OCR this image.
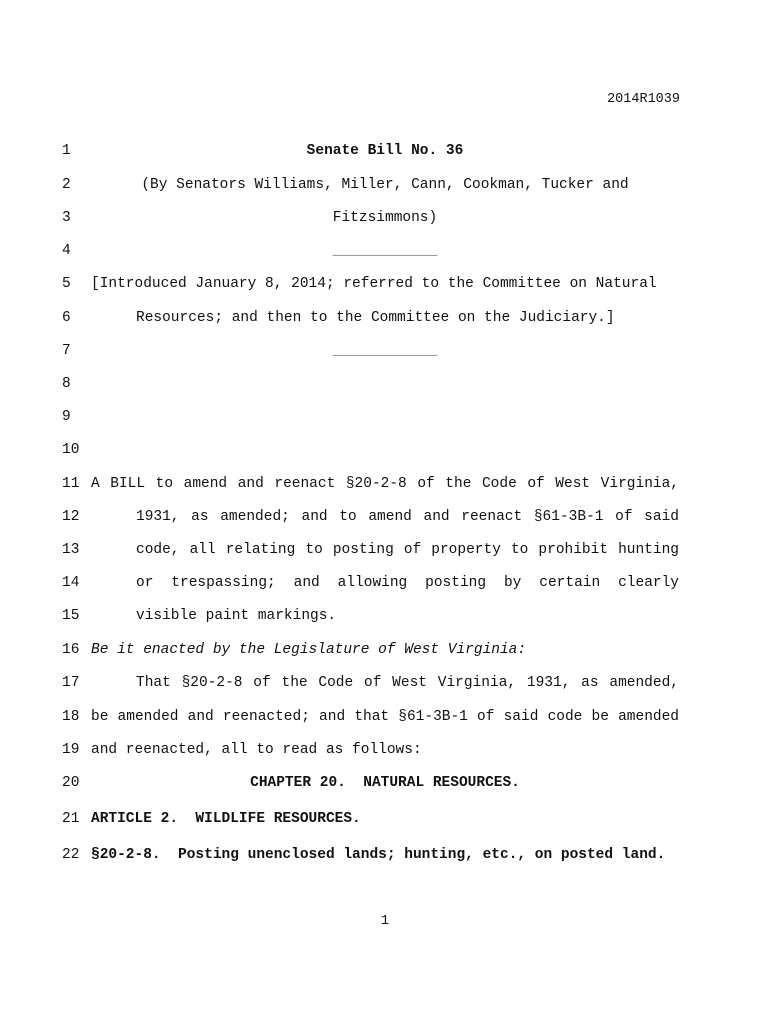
2014R1039
1	Senate Bill No. 36
2	(By Senators Williams, Miller, Cann, Cookman, Tucker and
3	Fitzsimmons)
4	____________
5	[Introduced January 8, 2014; referred to the Committee on Natural
6	Resources; and then to the Committee on the Judiciary.]
7	____________
8
9
10
11 A BILL to amend and reenact §20-2-8 of the Code of West Virginia,
12	1931, as amended; and to amend and reenact §61-3B-1 of said
13	code, all relating to posting of property to prohibit hunting
14	or trespassing; and allowing posting by certain clearly
15	visible paint markings.
16 Be it enacted by the Legislature of West Virginia:
17	That §20-2-8 of the Code of West Virginia, 1931, as amended,
18 be amended and reenacted; and that §61-3B-1 of said code be amended
19 and reenacted, all to read as follows:
20	CHAPTER 20.  NATURAL RESOURCES.
21 ARTICLE 2.  WILDLIFE RESOURCES.
22 §20-2-8.  Posting unenclosed lands; hunting, etc., on posted land.
1
